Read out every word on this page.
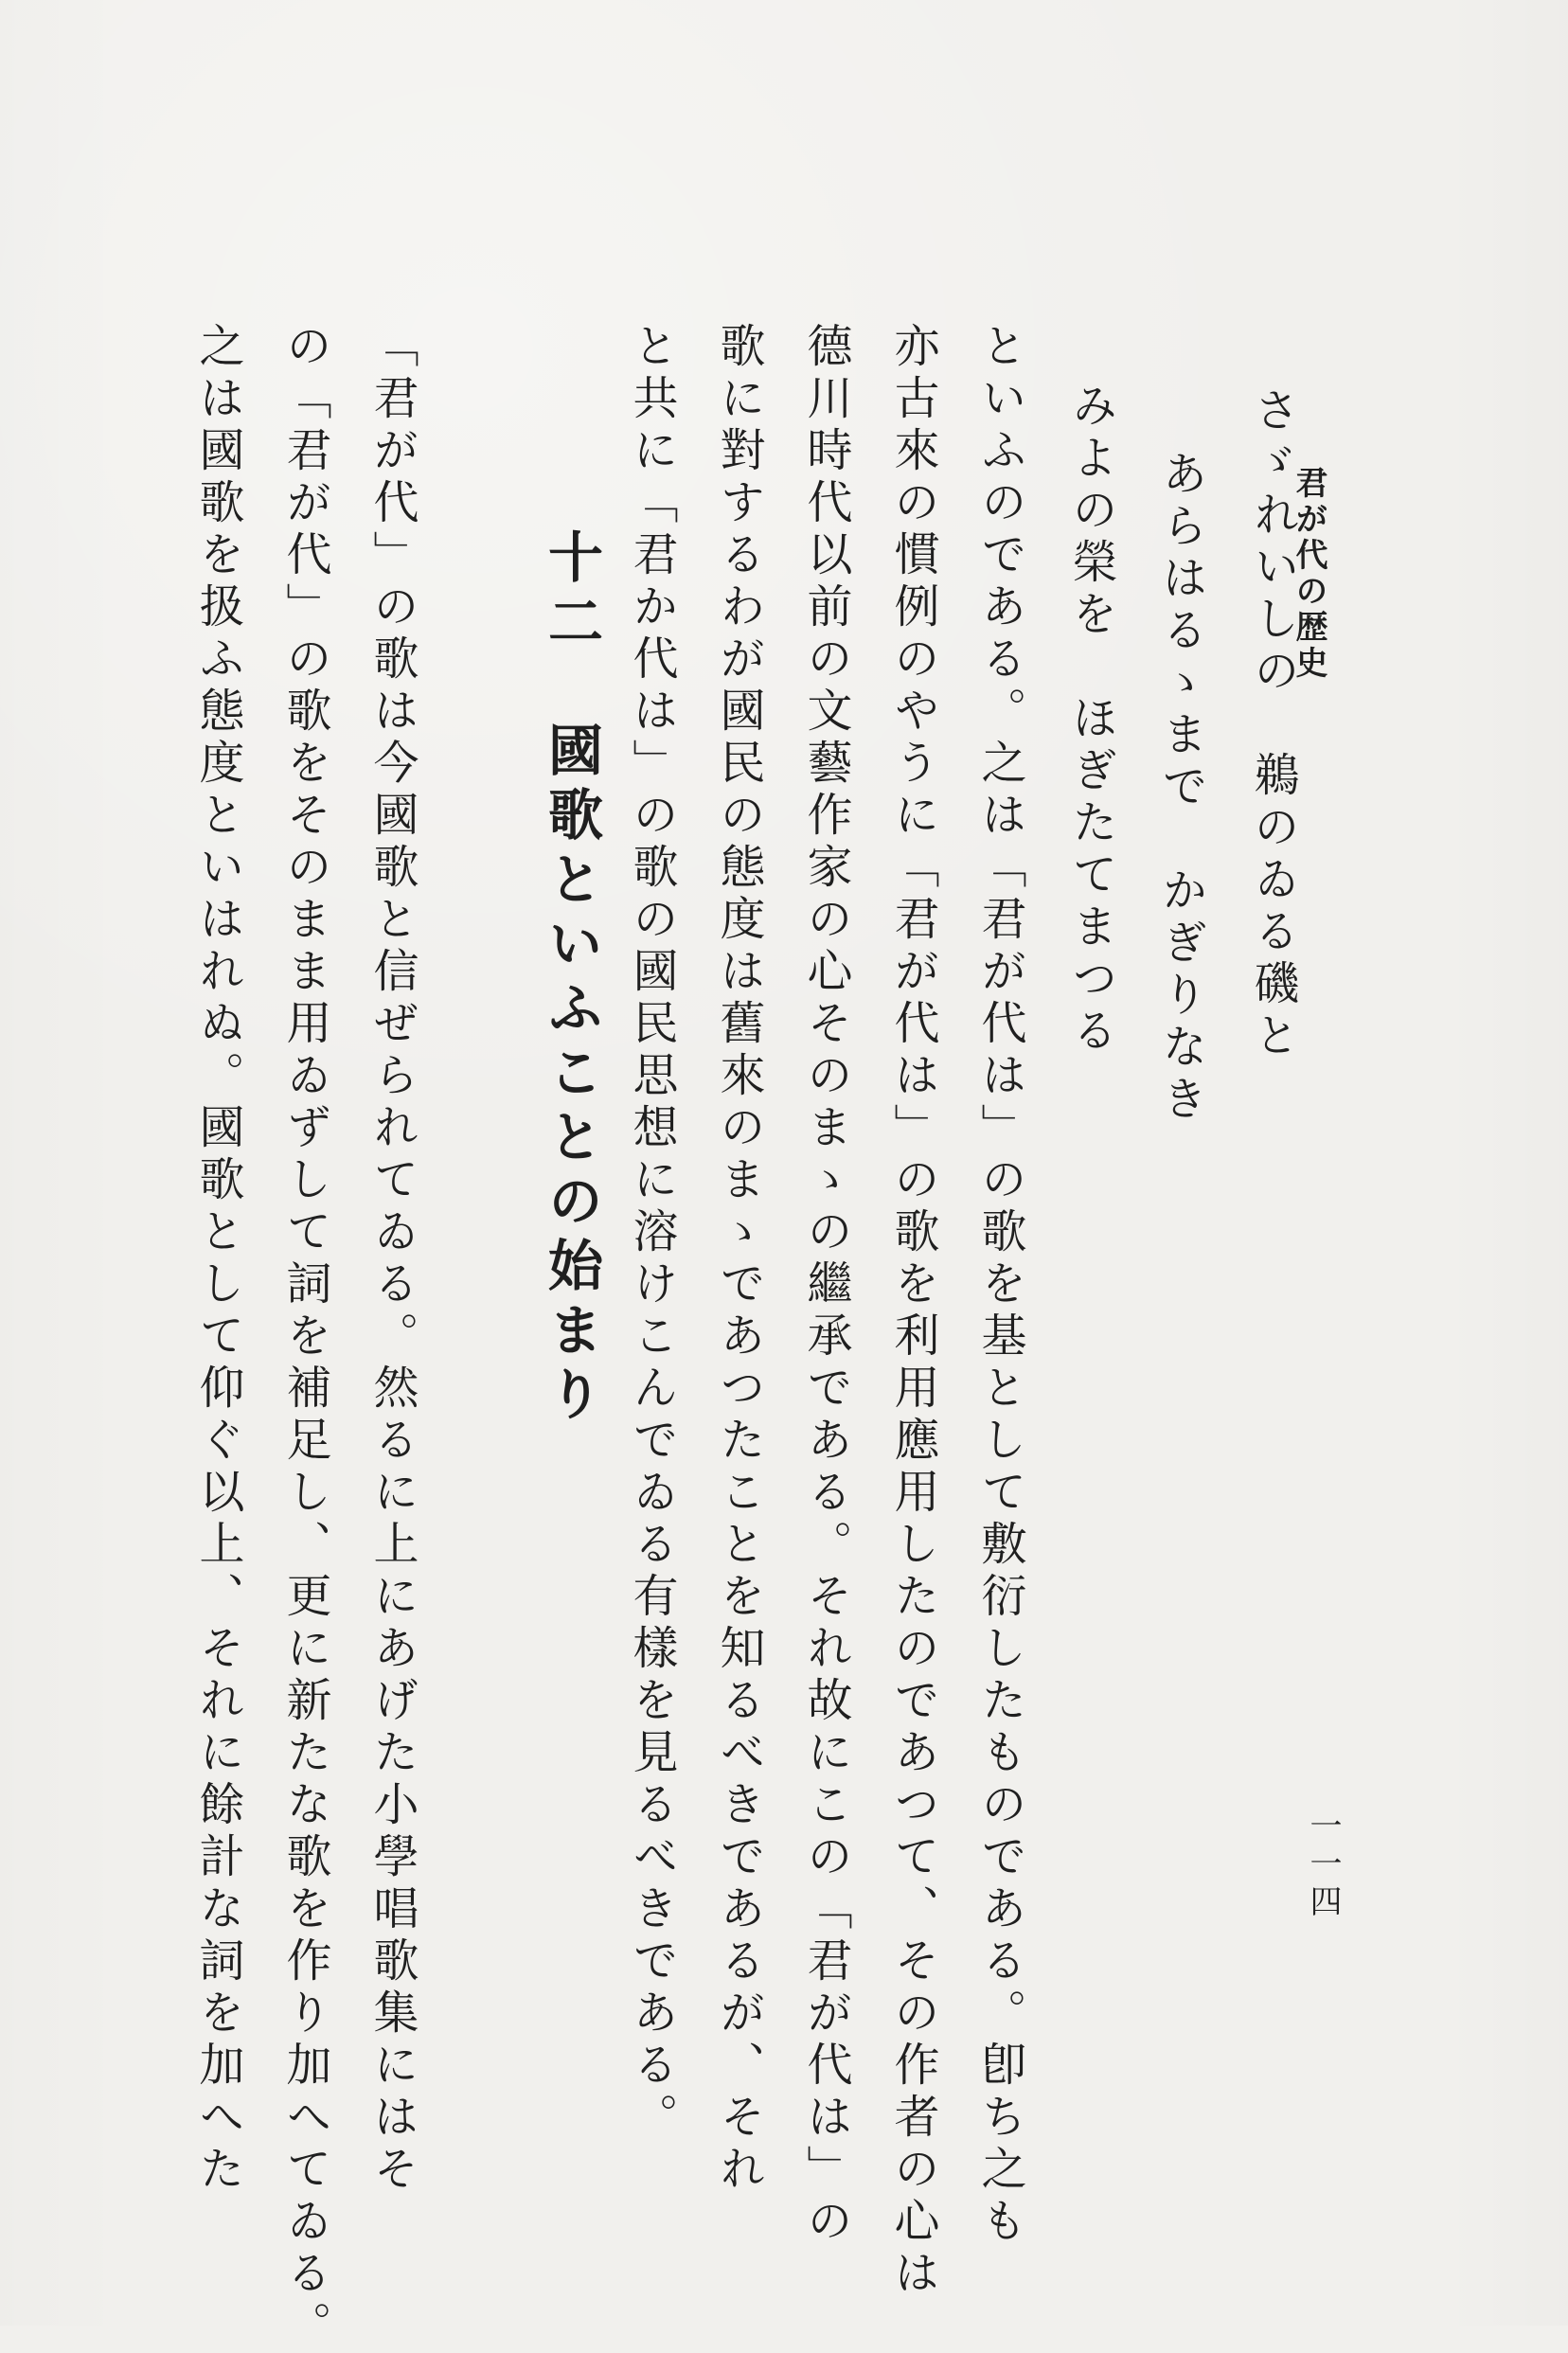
君が代の歴史
一一四
さゞれいしの　鵜のゐる磯と
あらはるゝまで　かぎりなき
みよの榮を　ほぎたてまつる
といふのである。之は「君が代は」の歌を基として敷衍したものである。卽ち之も
亦古來の慣例のやうに「君が代は」の歌を利用應用したのであつて、その作者の心は
德川時代以前の文藝作家の心そのまゝの繼承である。それ故にこの「君が代は」の
歌に對するわが國民の態度は舊來のまゝであつたことを知るべきであるが、それ
と共に「君か代は」の歌の國民思想に溶けこんでゐる有樣を見るべきである。
十二　國歌といふことの始まり
「君が代」の歌は今國歌と信ぜられてゐる。然るに上にあげた小學唱歌集にはそ
の「君が代」の歌をそのまま用ゐずして詞を補足し、更に新たな歌を作り加へてゐる。
之は國歌を扱ふ態度といはれぬ。國歌として仰ぐ以上、それに餘計な詞を加へた
